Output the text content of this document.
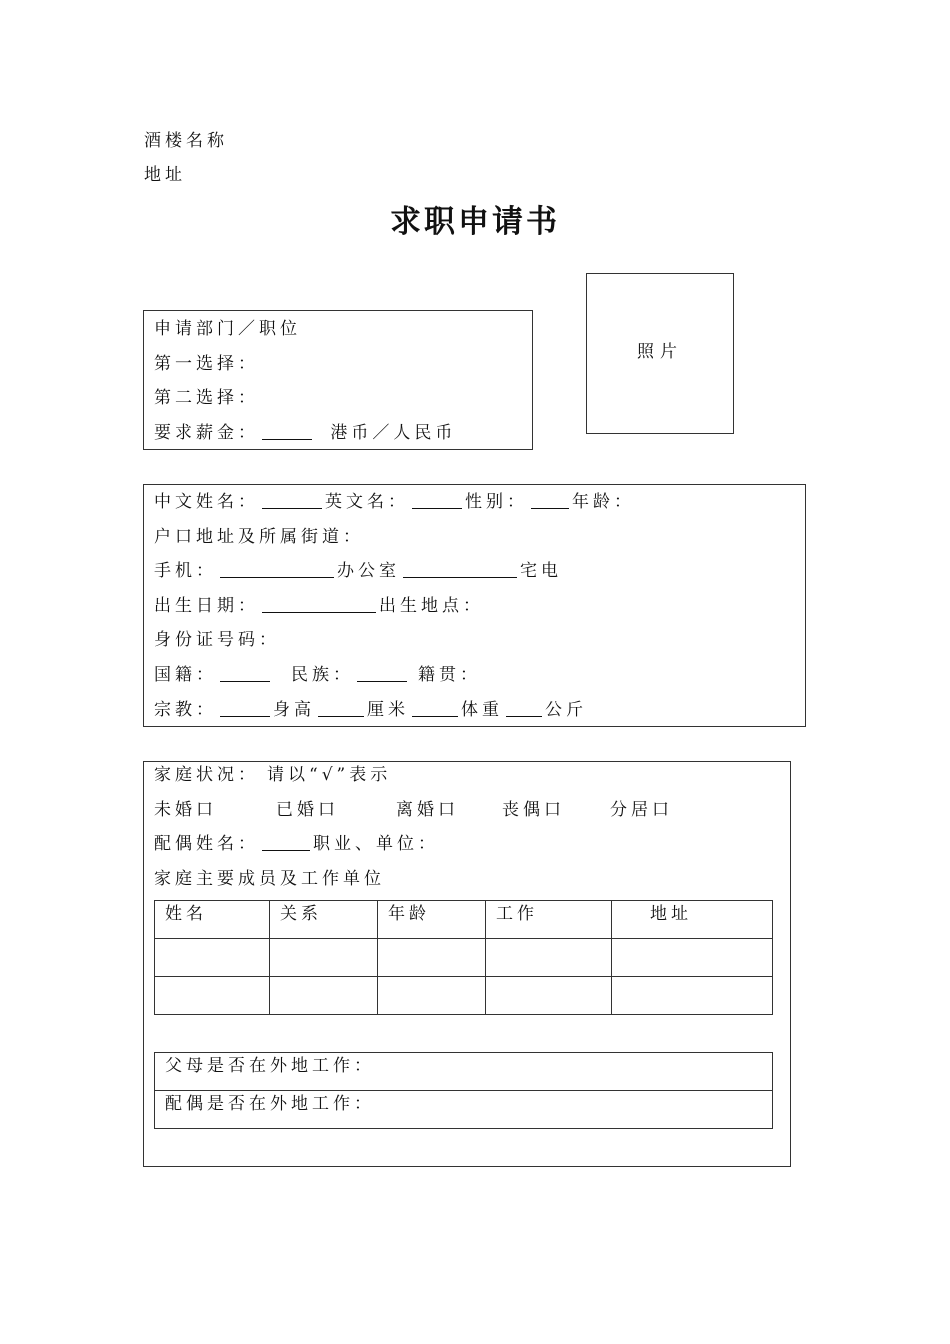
酒楼名称
地址
求职申请书
照片
申请部门／职位
第一选择：
第二选择：
要求薪金：	港币／人民币
中文姓名：	英文名：	性别：	年龄：
户口地址及所属街道：
手机：	办公室	宅电
出生日期：	出生地点：
身份证号码：
国籍：	民族：	籍贯：
宗教：	身高	厘米	体重 公斤
家庭状况： 请以“√”表示
未婚口	已婚口	离婚口	丧偶口	分居口
配偶姓名：	职业、单位：
家庭主要成员及工作单位
姓名	关系	年龄	工作	地址

父母是否在外地工作：
配偶是否在外地工作：
